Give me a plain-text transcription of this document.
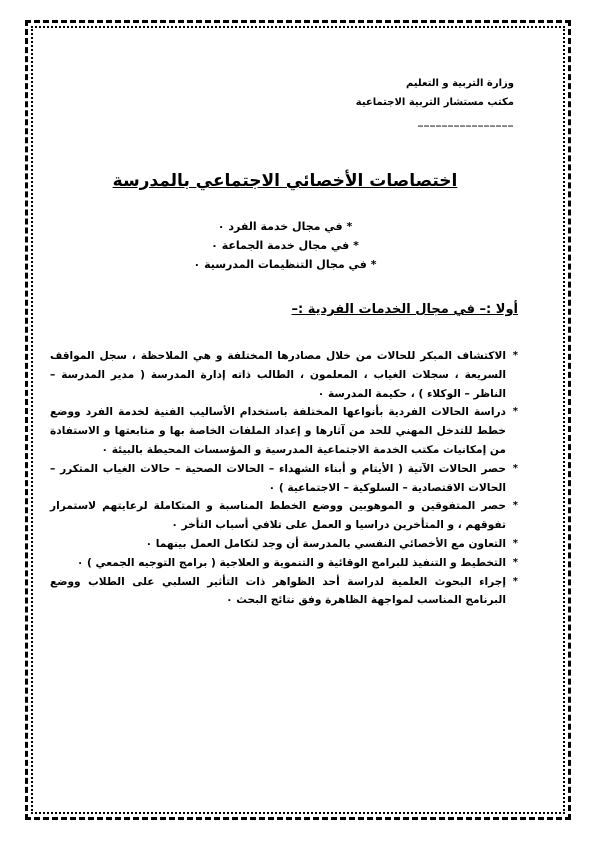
وزارة التربية و التعليم
مكتب مستشار التربية الاجتماعية
________________
اختصاصات الأخصائي الاجتماعي بالمدرسة
* في مجال خدمة الفرد ٠
* في مجال خدمة الجماعة ٠
* في مجال التنظيمات المدرسية ٠
أولا :– في مجال الخدمات الفردية :–
*
الاكتشاف المبكر للحالات من خلال مصادرها المختلفة و هي الملاحظة ، سجل المواقف السريعة ، سجلات الغياب ، المعلمون ، الطالب ذاته إدارة المدرسة ( مدير المدرسة – الناظر – الوكلاء ) ، حكيمة المدرسة ٠
*
دراسة الحالات الفردية بأنواعها المختلفة باستخدام الأساليب الفنية لخدمة الفرد ووضع خطط للتدخل المهني للحد من آثارها و إعداد الملفات الخاصة بها و متابعتها و الاستفادة من إمكانيات مكتب الخدمة الاجتماعية المدرسية و المؤسسات المحيطة بالبيئة ٠
*
حصر الحالات الآتية ( الأيتام و أبناء الشهداء – الحالات الصحية – حالات الغياب المتكرر – الحالات الاقتصادية – السلوكية – الاجتماعية ) ٠
*
حصر المتفوقين و الموهوبين ووضع الخطط المناسبة و المتكاملة لرعايتهم لاستمرار تفوقهم ، و المتأخرين دراسيا و العمل على تلافي أسباب التأخر ٠
*
التعاون مع الأخصائي النفسي بالمدرسة أن وجد لتكامل العمل بينهما ٠
*
التخطيط و التنفيذ للبرامج الوقائية و التنموية و العلاجية ( برامج التوجيه الجمعي ) ٠
*
إجراء البحوث العلمية لدراسة أحد الظواهر ذات التأثير السلبي على الطلاب ووضع البرنامج المناسب لمواجهة الظاهرة وفق نتائج البحث ٠
